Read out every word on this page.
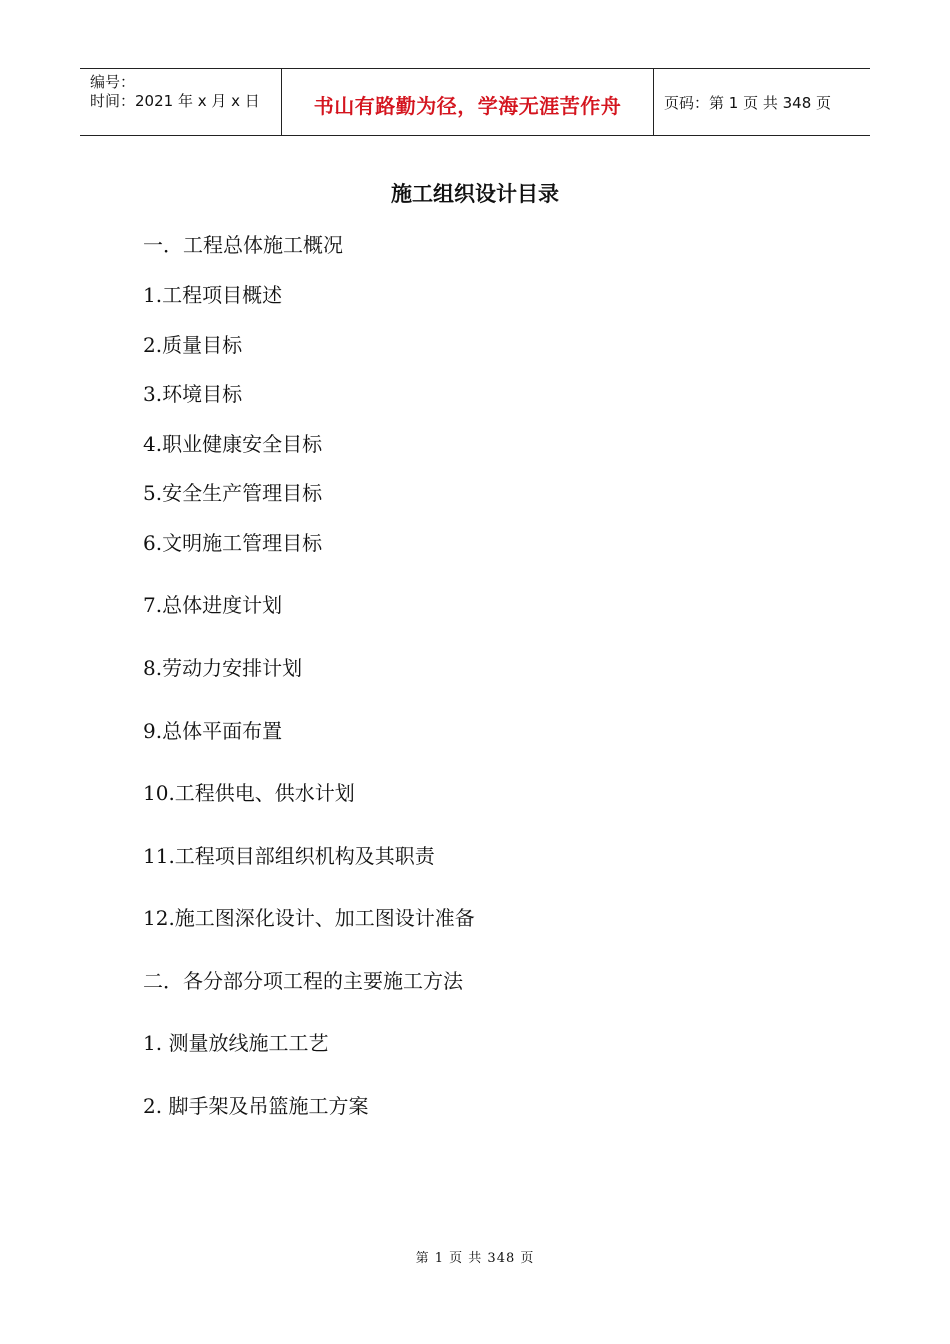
编号：
时间：2021 年 x 月 x 日	书山有路勤为径，学海无涯苦作舟	页码：第 1 页 共 348 页
施工组织设计目录
一．工程总体施工概况
1.工程项目概述
2.质量目标
3.环境目标
4.职业健康安全目标
5.安全生产管理目标
6.文明施工管理目标
7.总体进度计划
8.劳动力安排计划
9.总体平面布置
10.工程供电、供水计划
11.工程项目部组织机构及其职责
12.施工图深化设计、加工图设计准备
二．各分部分项工程的主要施工方法
1. 测量放线施工工艺
2. 脚手架及吊篮施工方案
第 1 页 共 348 页
